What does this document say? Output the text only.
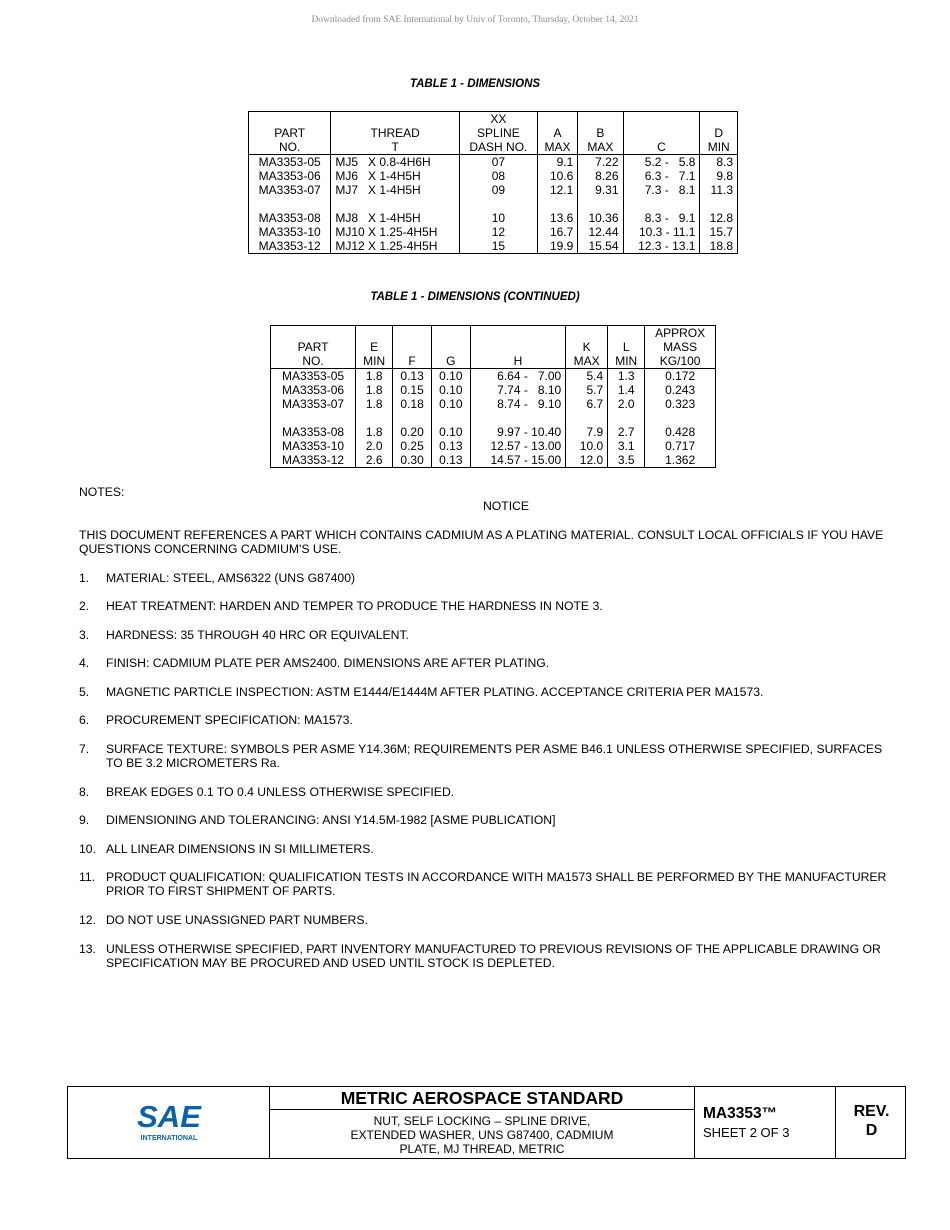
Downloaded from SAE International by Univ of Toronto, Thursday, October 14, 2021
TABLE 1 - DIMENSIONS
		XX				
PART	THREAD	SPLINE	A	B		D
NO.	T	DASH NO.	MAX	MAX	C	MIN
MA3353-05	MJ5   X 0.8-4H6H	07	9.1	7.22	5.2 -   5.8	8.3
MA3353-06	MJ6   X 1-4H5H	08	10.6	8.26	6.3 -   7.1	9.8
MA3353-07	MJ7   X 1-4H5H	09	12.1	9.31	7.3 -   8.1	11.3

MA3353-08	MJ8   X 1-4H5H	10	13.6	10.36	8.3 -   9.1	12.8
MA3353-10	MJ10 X 1.25-4H5H	12	16.7	12.44	10.3 - 11.1	15.7
MA3353-12	MJ12 X 1.25-4H5H	15	19.9	15.54	12.3 - 13.1	18.8
TABLE 1 - DIMENSIONS (CONTINUED)
							APPROX
PART	E				K	L	MASS
NO.	MIN	F	G	H	MAX	MIN	KG/100
MA3353-05	1.8	0.13	0.10	6.64 -   7.00	5.4	1.3	0.172
MA3353-06	1.8	0.15	0.10	7.74 -   8.10	5.7	1.4	0.243
MA3353-07	1.8	0.18	0.10	8.74 -   9.10	6.7	2.0	0.323

MA3353-08	1.8	0.20	0.10	9.97 - 10.40	7.9	2.7	0.428
MA3353-10	2.0	0.25	0.13	12.57 - 13.00	10.0	3.1	0.717
MA3353-12	2.6	0.30	0.13	14.57 - 15.00	12.0	3.5	1.362
NOTES:
NOTICE
THIS DOCUMENT REFERENCES A PART WHICH CONTAINS CADMIUM AS A PLATING MATERIAL. CONSULT LOCAL OFFICIALS IF YOU HAVE QUESTIONS CONCERNING CADMIUM'S USE.
1. MATERIAL: STEEL, AMS6322 (UNS G87400)
2. HEAT TREATMENT: HARDEN AND TEMPER TO PRODUCE THE HARDNESS IN NOTE 3.
3. HARDNESS: 35 THROUGH 40 HRC OR EQUIVALENT.
4. FINISH: CADMIUM PLATE PER AMS2400. DIMENSIONS ARE AFTER PLATING.
5. MAGNETIC PARTICLE INSPECTION: ASTM E1444/E1444M AFTER PLATING. ACCEPTANCE CRITERIA PER MA1573.
6. PROCUREMENT SPECIFICATION: MA1573.
7. SURFACE TEXTURE: SYMBOLS PER ASME Y14.36M; REQUIREMENTS PER ASME B46.1 UNLESS OTHERWISE SPECIFIED, SURFACES TO BE 3.2 MICROMETERS Ra.
8. BREAK EDGES 0.1 TO 0.4 UNLESS OTHERWISE SPECIFIED.
9. DIMENSIONING AND TOLERANCING: ANSI Y14.5M-1982 [ASME PUBLICATION]
10. ALL LINEAR DIMENSIONS IN SI MILLIMETERS.
11. PRODUCT QUALIFICATION: QUALIFICATION TESTS IN ACCORDANCE WITH MA1573 SHALL BE PERFORMED BY THE MANUFACTURER PRIOR TO FIRST SHIPMENT OF PARTS.
12. DO NOT USE UNASSIGNED PART NUMBERS.
13. UNLESS OTHERWISE SPECIFIED, PART INVENTORY MANUFACTURED TO PREVIOUS REVISIONS OF THE APPLICABLE DRAWING OR SPECIFICATION MAY BE PROCURED AND USED UNTIL STOCK IS DEPLETED.
SAE
INTERNATIONAL
METRIC AEROSPACE STANDARD
NUT, SELF LOCKING – SPLINE DRIVE,
EXTENDED WASHER, UNS G87400, CADMIUM
PLATE, MJ THREAD, METRIC
MA3353™
SHEET 2 OF 3
REV.
D
